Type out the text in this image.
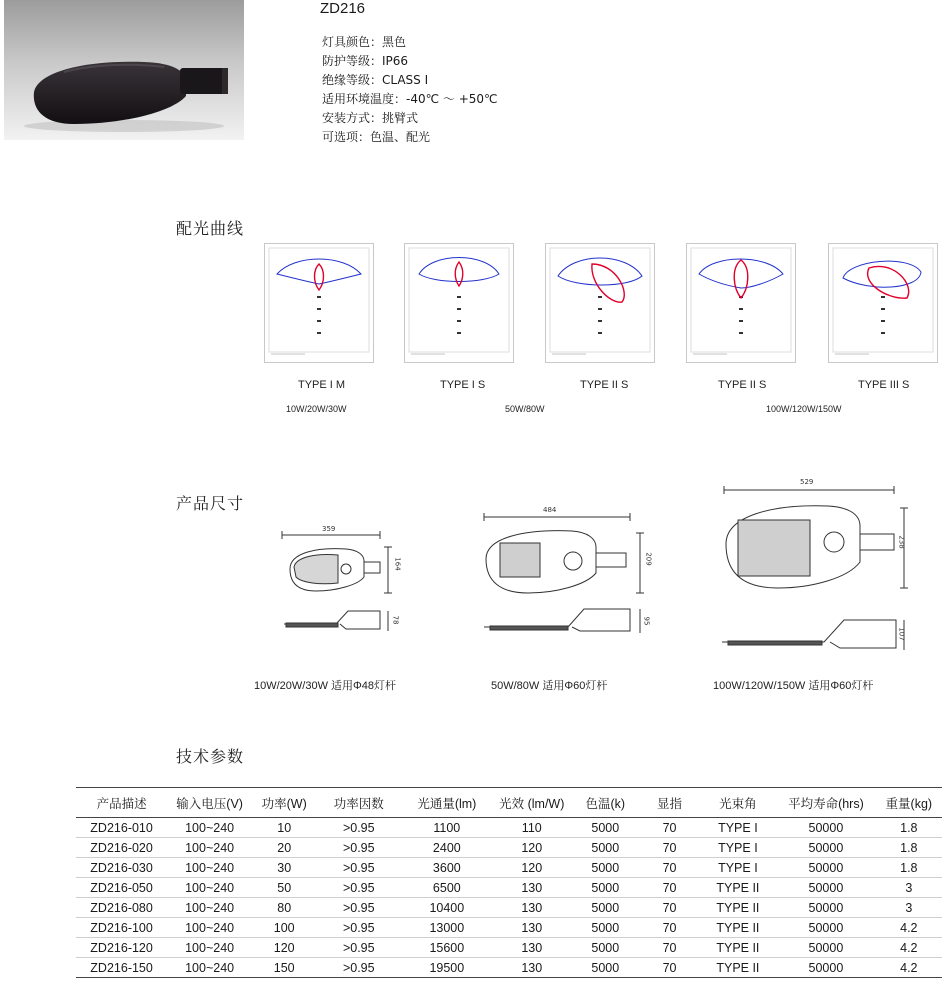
ZD216
灯具颜色：黑色
防护等级：IP66
绝缘等级：CLASS Ⅰ
适用环境温度：-40℃ ～ +50℃
安装方式：挑臂式
可选项：色温、配光
配光曲线
TYPE I M	TYPE I S	TYPE II S	TYPE II S	TYPE III S
10W/20W/30W	50W/80W	100W/120W/150W
产品尺寸
359
164
78
484
209
95
529
238
107
10W/20W/30W 适用Φ48灯杆	50W/80W 适用Φ60灯杆	100W/120W/150W 适用Φ60灯杆
技术参数
产品描述	输入电压(V)	功率(W)	功率因数	光通量(lm)	光效 (lm/W)	色温(k)	显指	光束角	平均寿命(hrs)	重量(kg)
ZD216-010	100~240	10	>0.95	1100	110	5000	70	TYPE I	50000	1.8
ZD216-020	100~240	20	>0.95	2400	120	5000	70	TYPE I	50000	1.8
ZD216-030	100~240	30	>0.95	3600	120	5000	70	TYPE I	50000	1.8
ZD216-050	100~240	50	>0.95	6500	130	5000	70	TYPE II	50000	3
ZD216-080	100~240	80	>0.95	10400	130	5000	70	TYPE II	50000	3
ZD216-100	100~240	100	>0.95	13000	130	5000	70	TYPE II	50000	4.2
ZD216-120	100~240	120	>0.95	15600	130	5000	70	TYPE II	50000	4.2
ZD216-150	100~240	150	>0.95	19500	130	5000	70	TYPE II	50000	4.2
